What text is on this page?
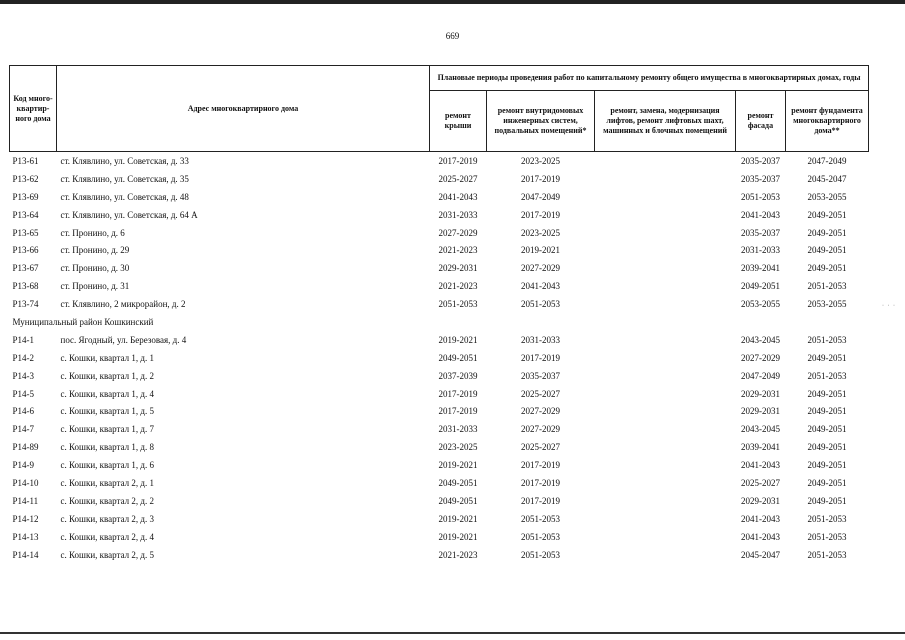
669
Код много-квартир-ного дома	Адрес многоквартирного дома	Плановые периоды проведения работ по капитальному ремонту общего имущества в многоквартирных домах, годы				
		ремонт крыши	ремонт внутридомовых инженерных систем, подвальных помещений*	ремонт, замена, модернизация лифтов, ремонт лифтовых шахт, машинных и блочных помещений	ремонт фасада	ремонт фундамента многоквартирного дома**
Р13-61	ст. Клявлино, ул. Советская, д. 33	2017-2019	2023-2025		2035-2037	2047-2049
Р13-62	ст. Клявлино, ул. Советская, д. 35	2025-2027	2017-2019		2035-2037	2045-2047
Р13-69	ст. Клявлино, ул. Советская, д. 48	2041-2043	2047-2049		2051-2053	2053-2055
Р13-64	ст. Клявлино, ул. Советская, д. 64 А	2031-2033	2017-2019		2041-2043	2049-2051
Р13-65	ст. Пронино, д. 6	2027-2029	2023-2025		2035-2037	2049-2051
Р13-66	ст. Пронино, д. 29	2021-2023	2019-2021		2031-2033	2049-2051
Р13-67	ст. Пронино, д. 30	2029-2031	2027-2029		2039-2041	2049-2051
Р13-68	ст. Пронино, д. 31	2021-2023	2041-2043		2049-2051	2051-2053
Р13-74	ст. Клявлино, 2 микрорайон, д. 2	2051-2053	2051-2053		2053-2055	2053-2055
Муниципальный район Кошкинский						
Р14-1	пос. Ягодный, ул. Березовая, д. 4	2019-2021	2031-2033		2043-2045	2051-2053
Р14-2	с. Кошки, квартал 1, д. 1	2049-2051	2017-2019		2027-2029	2049-2051
Р14-3	с. Кошки, квартал 1, д. 2	2037-2039	2035-2037		2047-2049	2051-2053
Р14-5	с. Кошки, квартал 1, д. 4	2017-2019	2025-2027		2029-2031	2049-2051
Р14-6	с. Кошки, квартал 1, д. 5	2017-2019	2027-2029		2029-2031	2049-2051
Р14-7	с. Кошки, квартал 1, д. 7	2031-2033	2027-2029		2043-2045	2049-2051
Р14-89	с. Кошки, квартал 1, д. 8	2023-2025	2025-2027		2039-2041	2049-2051
Р14-9	с. Кошки, квартал 1, д. 6	2019-2021	2017-2019		2041-2043	2049-2051
Р14-10	с. Кошки, квартал 2, д. 1	2049-2051	2017-2019		2025-2027	2049-2051
Р14-11	с. Кошки, квартал 2, д. 2	2049-2051	2017-2019		2029-2031	2049-2051
Р14-12	с. Кошки, квартал 2, д. 3	2019-2021	2051-2053		2041-2043	2051-2053
Р14-13	с. Кошки, квартал 2, д. 4	2019-2021	2051-2053		2041-2043	2051-2053
Р14-14	с. Кошки, квартал 2, д. 5	2021-2023	2051-2053		2045-2047	2051-2053
· · ·
